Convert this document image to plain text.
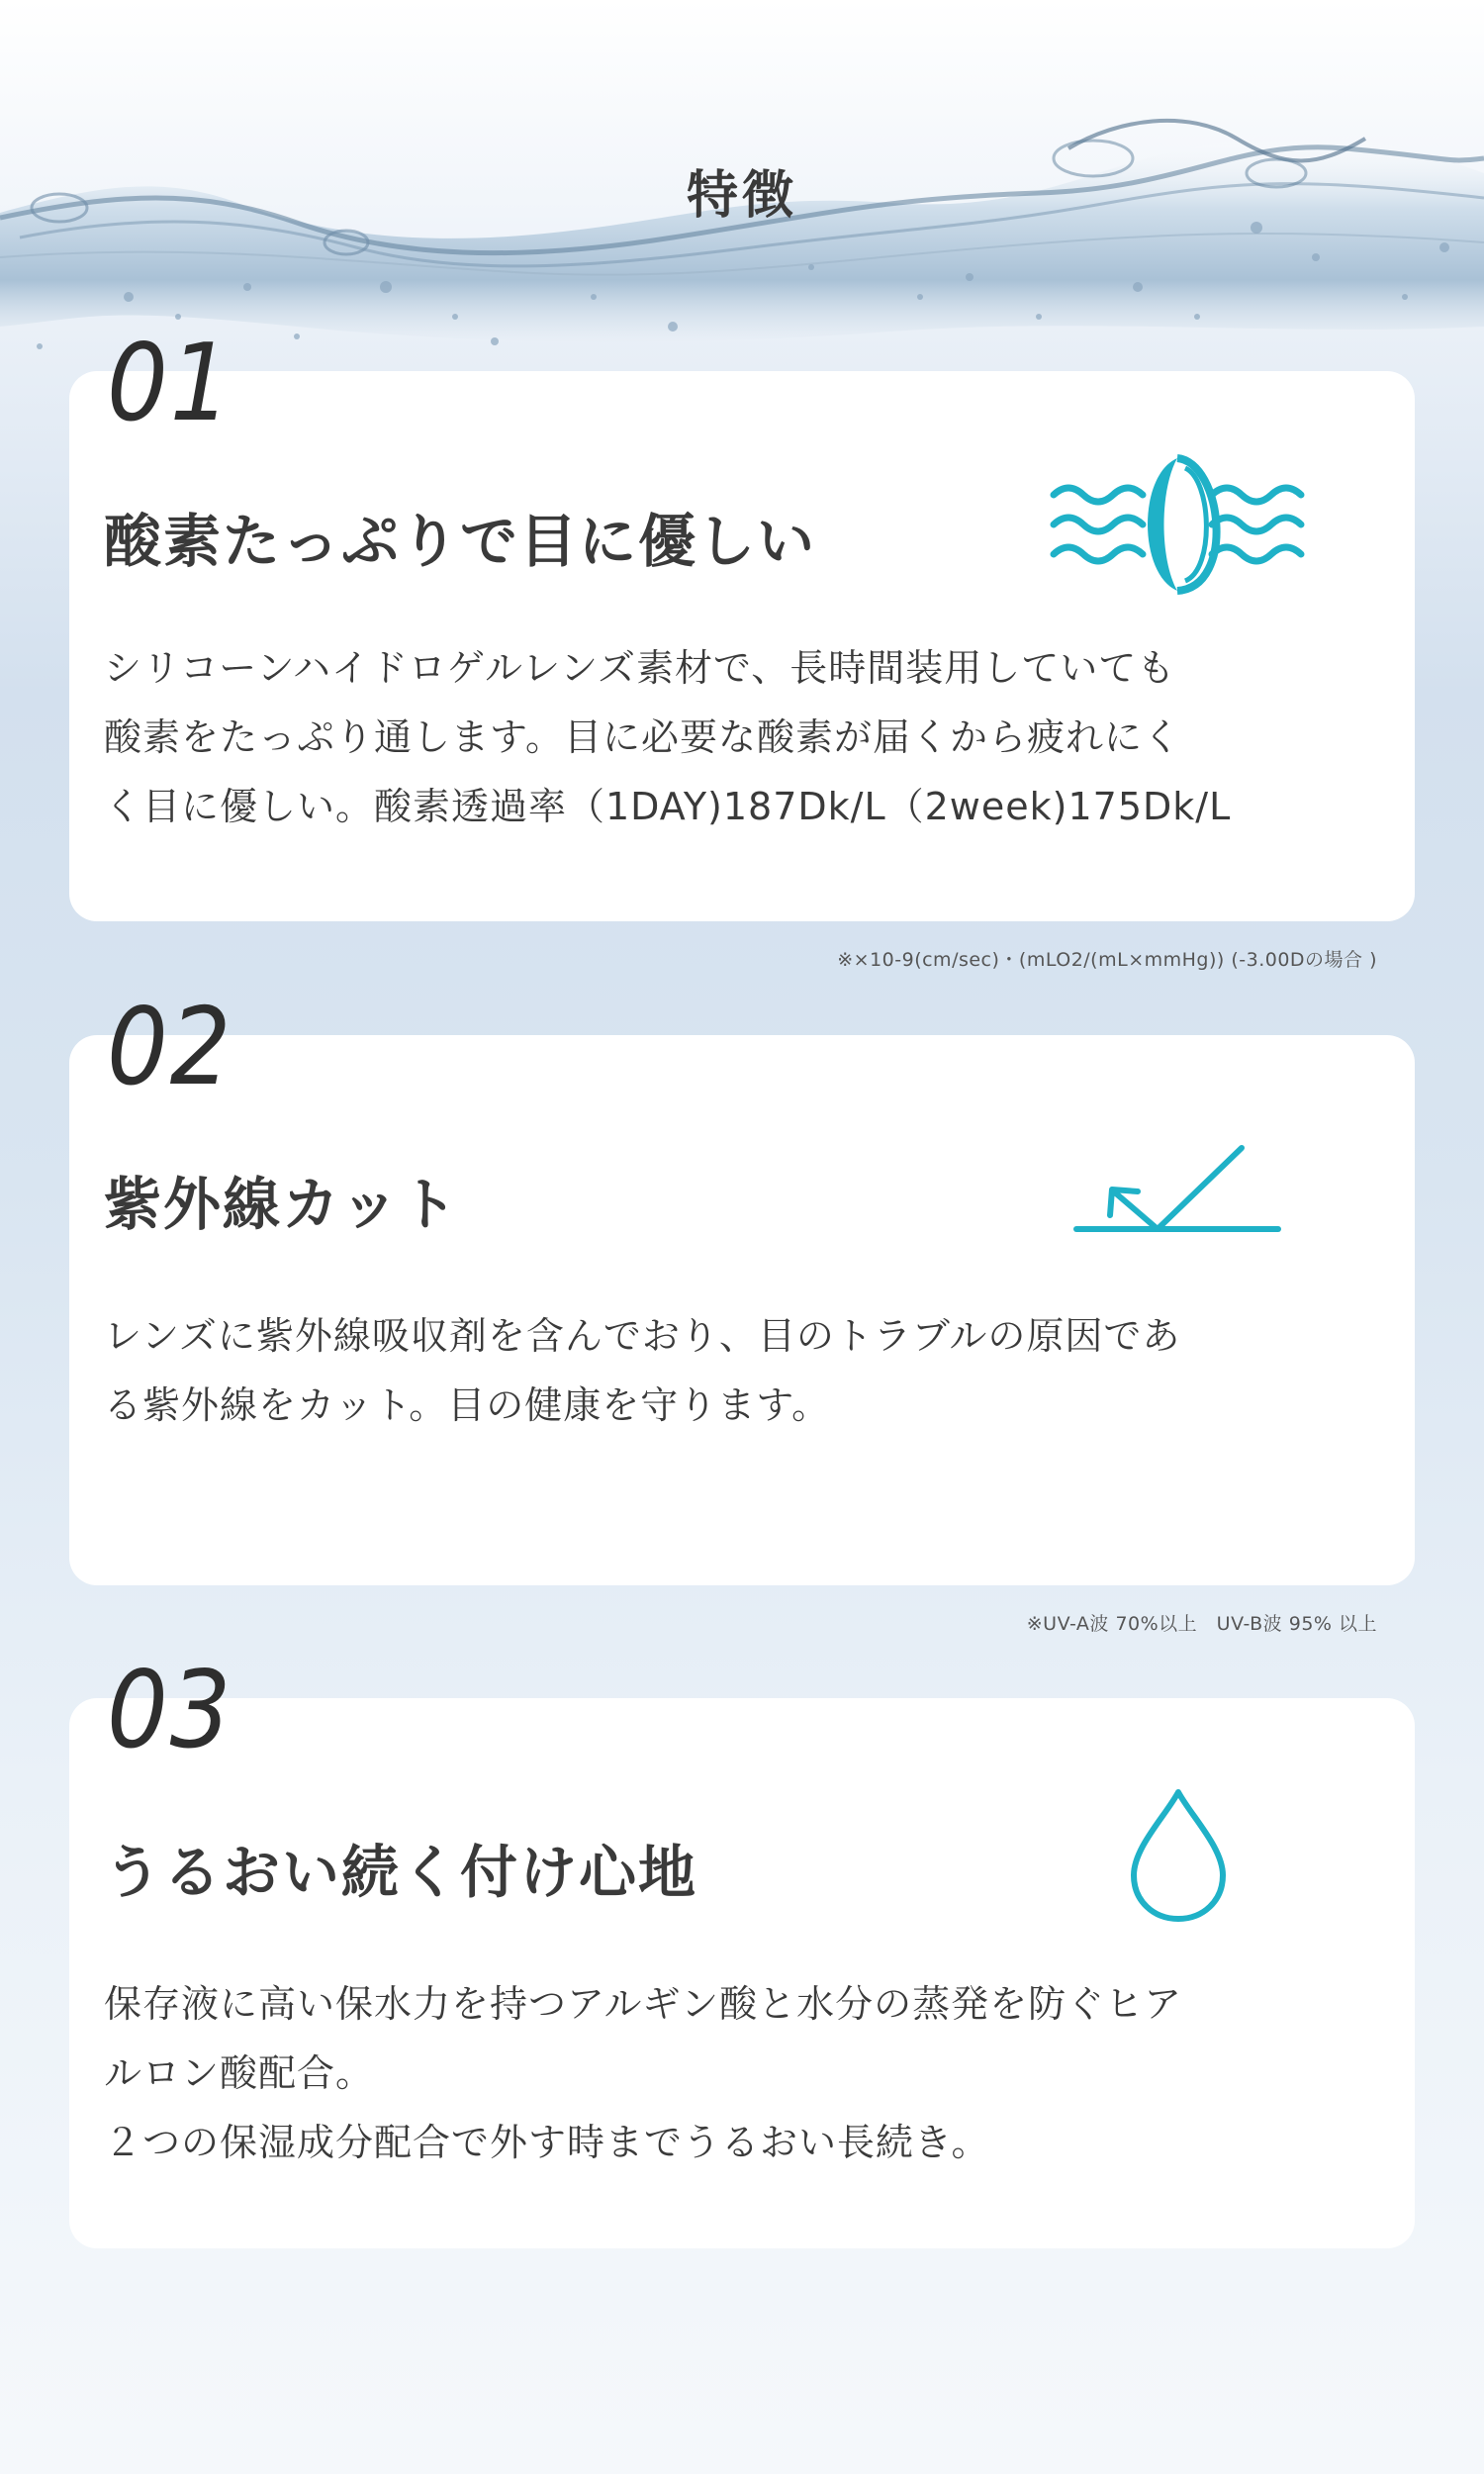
特徴
01
酸素たっぷりで目に優しい

シリコーンハイドロゲルレンズ素材で、長時間装用していても

酸素をたっぷり通します。目に必要な酸素が届くから疲れにく

く目に優しい。酸素透過率（1DAY)187Dk/L（2week)175Dk/L

※×10-9(cm/sec)・(mLO2/(mL×mmHg)) (-3.00Dの場合 )
02
紫外線カット

レンズに紫外線吸収剤を含んでおり、目のトラブルの原因であ

る紫外線をカット。目の健康を守ります。

※UV-A波 70%以上　UV-B波 95% 以上
03
うるおい続く付け心地

保存液に高い保水力を持つアルギン酸と水分の蒸発を防ぐヒア

ルロン酸配合。

２つの保湿成分配合で外す時までうるおい長続き。
